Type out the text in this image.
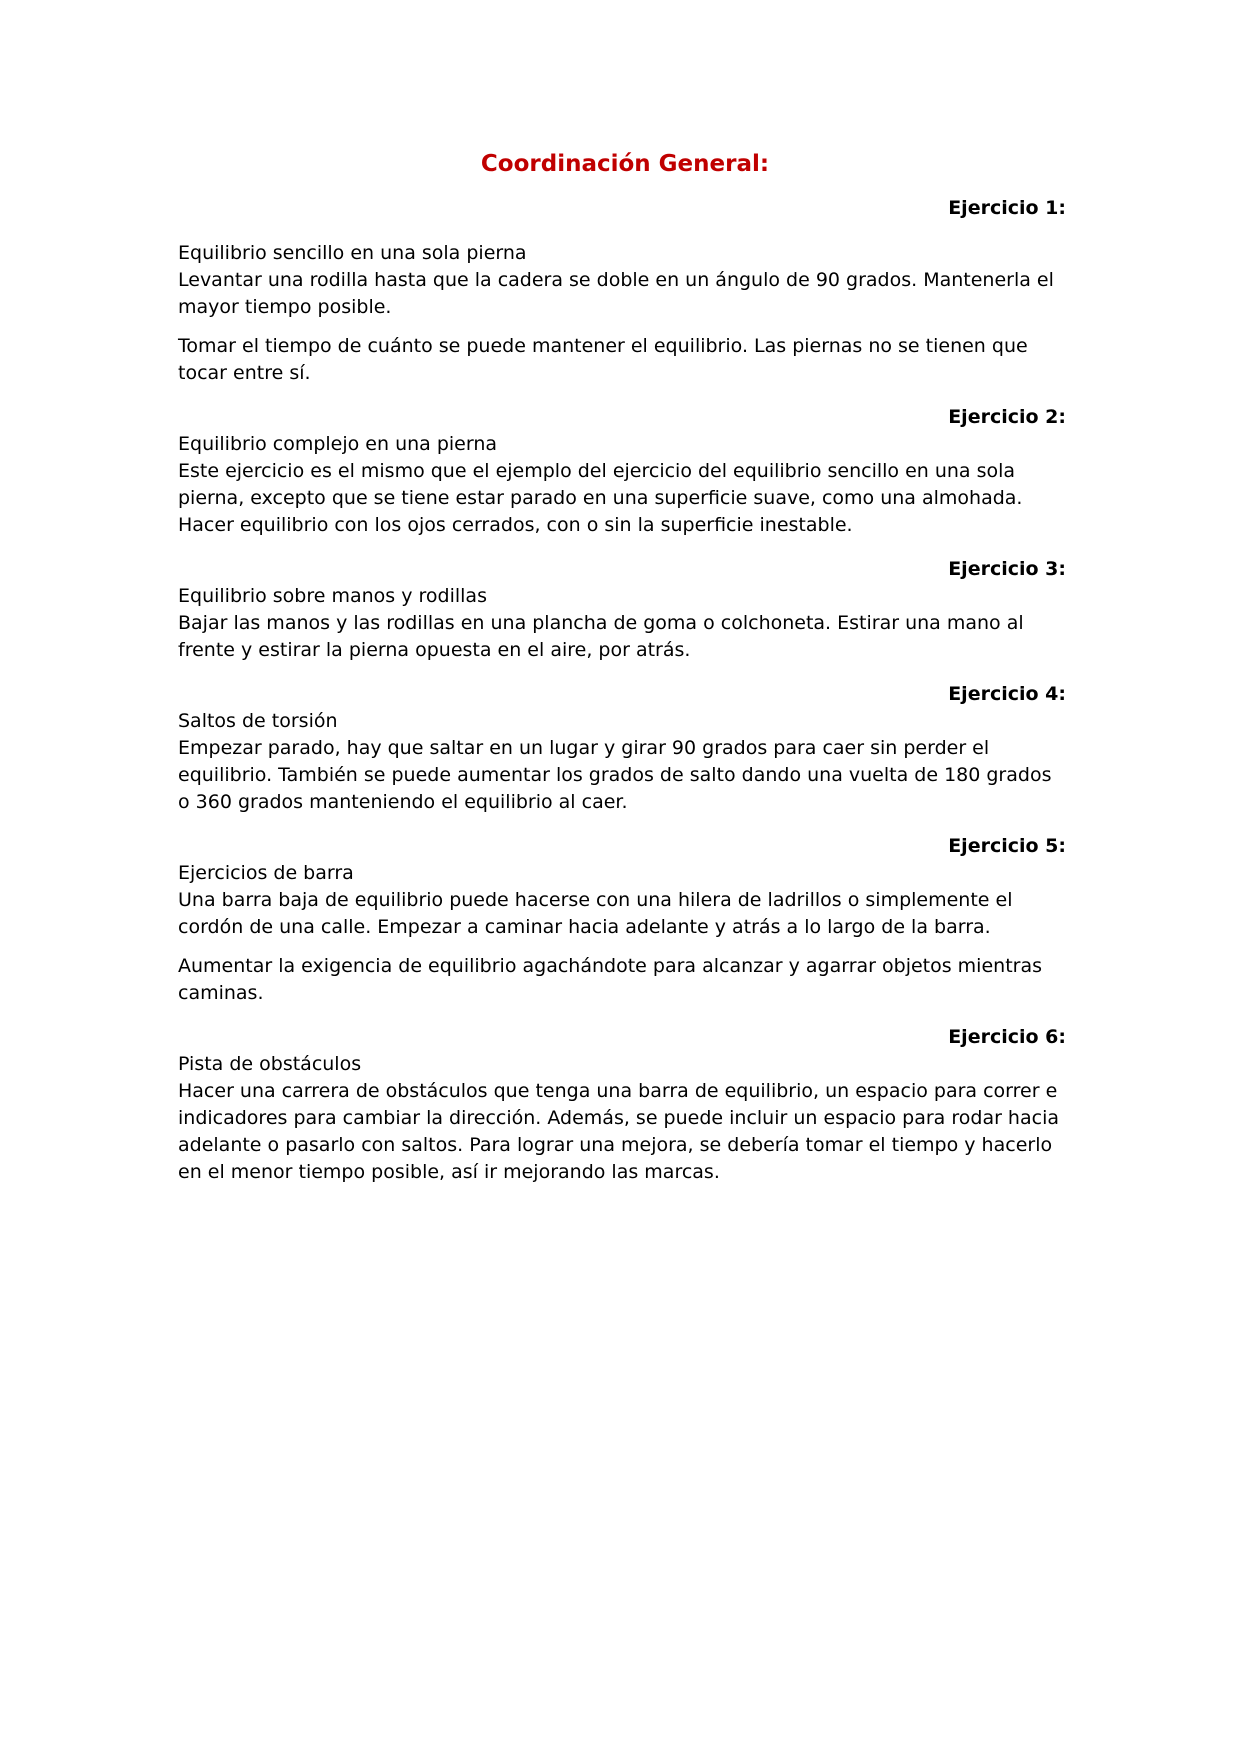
Coordinación General:
Ejercicio 1:

Equilibrio sencillo en una sola pierna

Levantar una rodilla hasta que la cadera se doble en un ángulo de 90 grados. Mantenerla el mayor tiempo posible.

Tomar el tiempo de cuánto se puede mantener el equilibrio. Las piernas no se tienen que tocar entre sí.

Ejercicio 2:

Equilibrio complejo en una pierna

Este ejercicio es el mismo que el ejemplo del ejercicio del equilibrio sencillo en una sola pierna, excepto que se tiene estar parado en una superficie suave, como una almohada. Hacer equilibrio con los ojos cerrados, con o sin la superficie inestable.

Ejercicio 3:

Equilibrio sobre manos y rodillas

Bajar las manos y las rodillas en una plancha de goma o colchoneta. Estirar una mano al frente y estirar la pierna opuesta en el aire, por atrás.

Ejercicio 4:

Saltos de torsión

Empezar parado, hay que saltar en un lugar y girar 90 grados para caer sin perder el equilibrio. También se puede aumentar los grados de salto dando una vuelta de 180 grados o 360 grados manteniendo el equilibrio al caer.

Ejercicio 5:

Ejercicios de barra

Una barra baja de equilibrio puede hacerse con una hilera de ladrillos o simplemente el cordón de una calle. Empezar a caminar hacia adelante y atrás a lo largo de la barra.

Aumentar la exigencia de equilibrio agachándote para alcanzar y agarrar objetos mientras caminas.

Ejercicio 6:

Pista de obstáculos

Hacer una carrera de obstáculos que tenga una barra de equilibrio, un espacio para correr e indicadores para cambiar la dirección. Además, se puede incluir un espacio para rodar hacia adelante o pasarlo con saltos. Para lograr una mejora, se debería tomar el tiempo y hacerlo en el menor tiempo posible, así ir mejorando las marcas.
